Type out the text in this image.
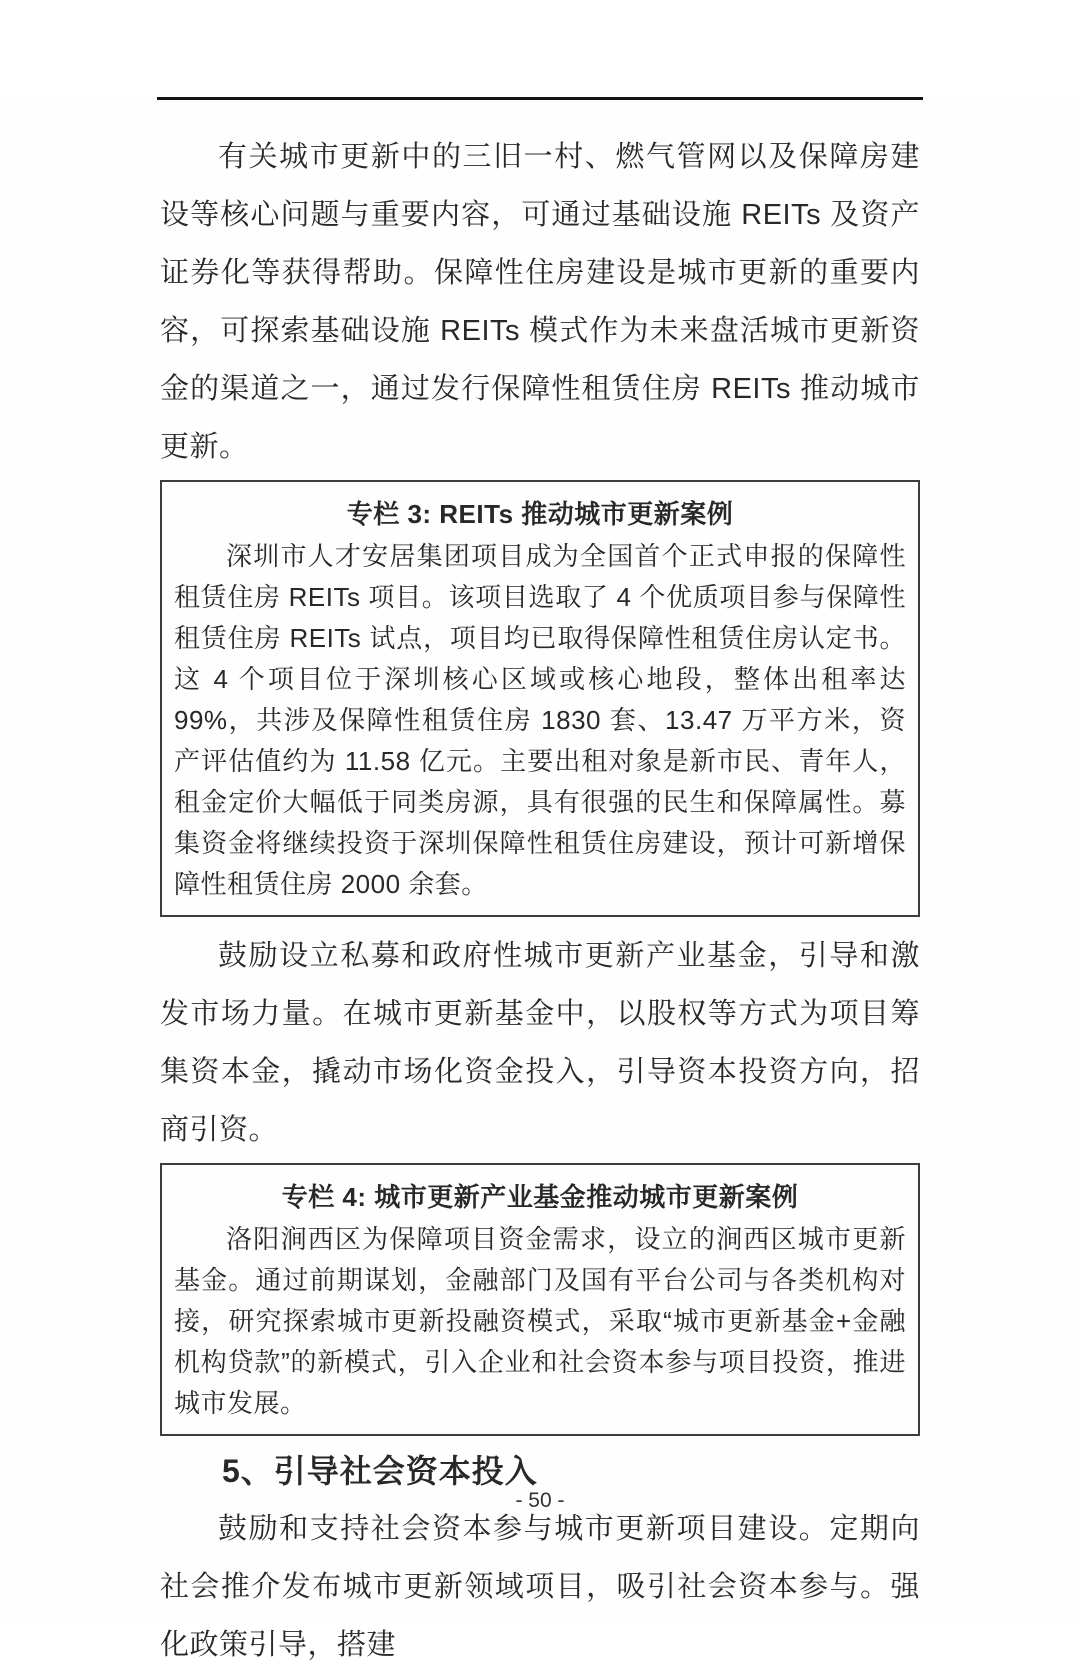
有关城市更新中的三旧一村、燃气管网以及保障房建设等核心问题与重要内容，可通过基础设施 REITs 及资产证券化等获得帮助。保障性住房建设是城市更新的重要内容，可探索基础设施 REITs 模式作为未来盘活城市更新资金的渠道之一，通过发行保障性租赁住房 REITs 推动城市更新。

专栏 3: REITs 推动城市更新案例

深圳市人才安居集团项目成为全国首个正式申报的保障性租赁住房 REITs 项目。该项目选取了 4 个优质项目参与保障性租赁住房 REITs 试点，项目均已取得保障性租赁住房认定书。这 4 个项目位于深圳核心区域或核心地段，整体出租率达 99%，共涉及保障性租赁住房 1830 套、13.47 万平方米，资产评估值约为 11.58 亿元。主要出租对象是新市民、青年人，租金定价大幅低于同类房源，具有很强的民生和保障属性。募集资金将继续投资于深圳保障性租赁住房建设，预计可新增保障性租赁住房 2000 余套。

鼓励设立私募和政府性城市更新产业基金，引导和激发市场力量。在城市更新基金中，以股权等方式为项目筹集资本金，撬动市场化资金投入，引导资本投资方向，招商引资。

专栏 4: 城市更新产业基金推动城市更新案例

洛阳涧西区为保障项目资金需求，设立的涧西区城市更新基金。通过前期谋划，金融部门及国有平台公司与各类机构对接，研究探索城市更新投融资模式，采取“城市更新基金+金融机构贷款”的新模式，引入企业和社会资本参与项目投资，推进城市发展。

5、引导社会资本投入

鼓励和支持社会资本参与城市更新项目建设。定期向社会推介发布城市更新领域项目，吸引社会资本参与。强化政策引导，搭建

- 50 -
